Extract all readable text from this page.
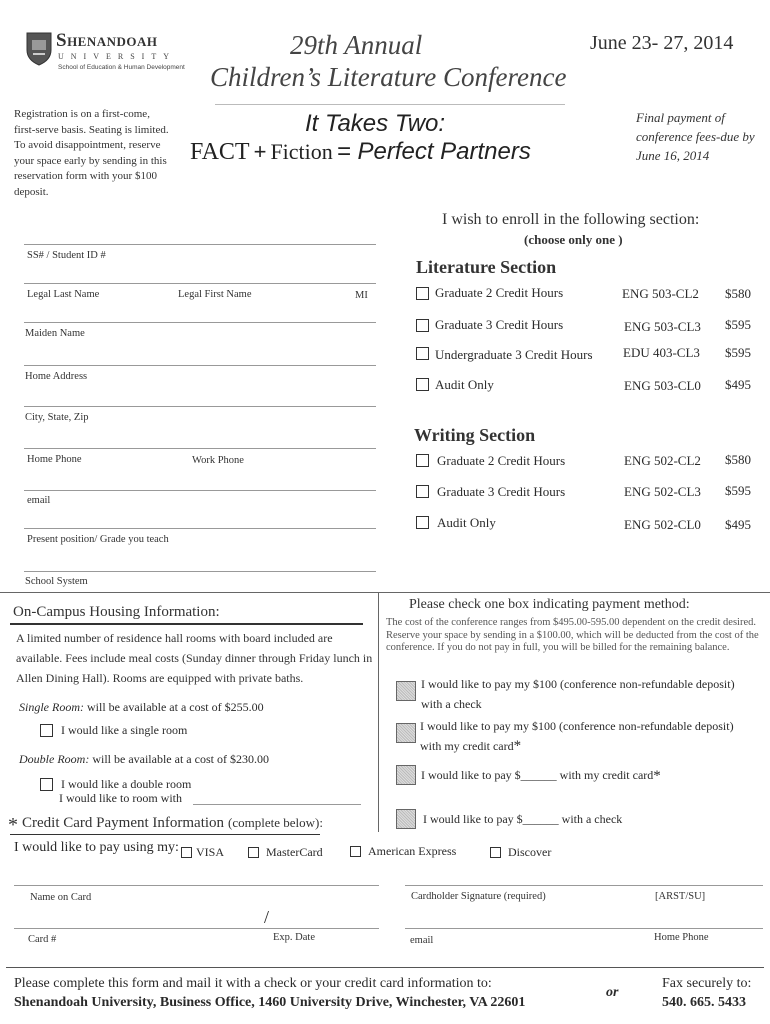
Shenandoah
UNIVERSITY
School of Education & Human Development
29th Annual
Children’s Literature Conference
June 23- 27, 2014
It Takes Two:
FACT + Fiction = Perfect Partners
Registration is on a first-come, first-serve basis. Seating is limited. To avoid disappointment, reserve your space early by sending in this reservation form with your $100 deposit.
Final payment of conference fees-due by June 16, 2014
SS# / Student ID #
Legal Last Name	Legal First Name	MI
Maiden Name
Home Address
City, State, Zip
Home Phone	Work Phone
email
Present position/ Grade you teach
School System
I wish to enroll in the following section:
(choose only one )
Literature Section
Graduate 2 Credit Hours	ENG 503-CL2 $580
Graduate 3 Credit Hours	ENG 503-CL3 $595
Undergraduate 3 Credit Hours EDU 403-CL3 $595
Audit Only	ENG 503-CL0 $495
Writing Section
Graduate 2 Credit Hours	ENG 502-CL2 $580
Graduate 3 Credit Hours	ENG 502-CL3 $595
Audit Only	ENG 502-CL0 $495
On-Campus Housing Information:
A limited number of residence hall rooms with board included are available. Fees include meal costs (Sunday dinner through Friday lunch in Allen Dining Hall). Rooms are equipped with private baths.
Single Room: will be available at a cost of $255.00
I would like a single room
Double Room: will be available at a cost of $230.00
I would like a double room
I would like to room with
Please check one box indicating payment method:
The cost of the conference ranges from $495.00-595.00 dependent on the credit desired. Reserve your space by sending in a $100.00, which will be deducted from the cost of the conference. If you do not pay in full, you will be billed for the remaining balance.
I would like to pay my $100 (conference non-refundable deposit)
with a check
I would like to pay my $100 (conference non-refundable deposit)
with my credit card*
I would like to pay $______ with my credit card*
I would like to pay $______ with a check
* Credit Card Payment Information (complete below):
I would like to pay using my:	VISA	MasterCard	American Express	Discover
Name on Card	Cardholder Signature (required)	[ARST/SU]
/
Card #	Exp. Date	email	Home Phone
Please complete this form and mail it with a check or your credit card information to:
Shenandoah University, Business Office, 1460 University Drive, Winchester, VA 22601
or
Fax securely to:
540. 665. 5433
